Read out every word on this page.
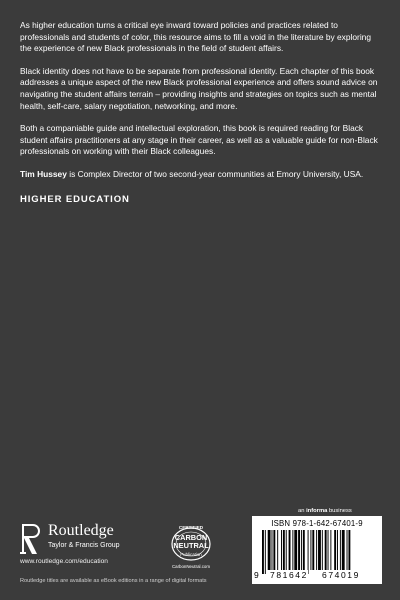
As higher education turns a critical eye inward toward policies and practices related to professionals and students of color, this resource aims to fill a void in the literature by exploring the experience of new Black professionals in the field of student affairs.

Black identity does not have to be separate from professional identity. Each chapter of this book addresses a unique aspect of the new Black professional experience and offers sound advice on navigating the student affairs terrain – providing insights and strategies on topics such as mental health, self-care, salary negotiation, networking, and more.

Both a companiable guide and intellectual exploration, this book is required reading for Black student affairs practitioners at any stage in their career, as well as a valuable guide for non-Black professionals on working with their Black colleagues.

Tim Hussey is Complex Director of two second-year communities at Emory University, USA.

HIGHER EDUCATION
Routledge
Taylor & Francis Group
www.routledge.com/education
Routledge titles are available as eBook editions in a range of digital formats
CERTIFIED
CARBON
NEUTRAL
Publication
CarbonNeutral.com
an informa business
ISBN 978-1-642-67401-9
9 781642 674019
